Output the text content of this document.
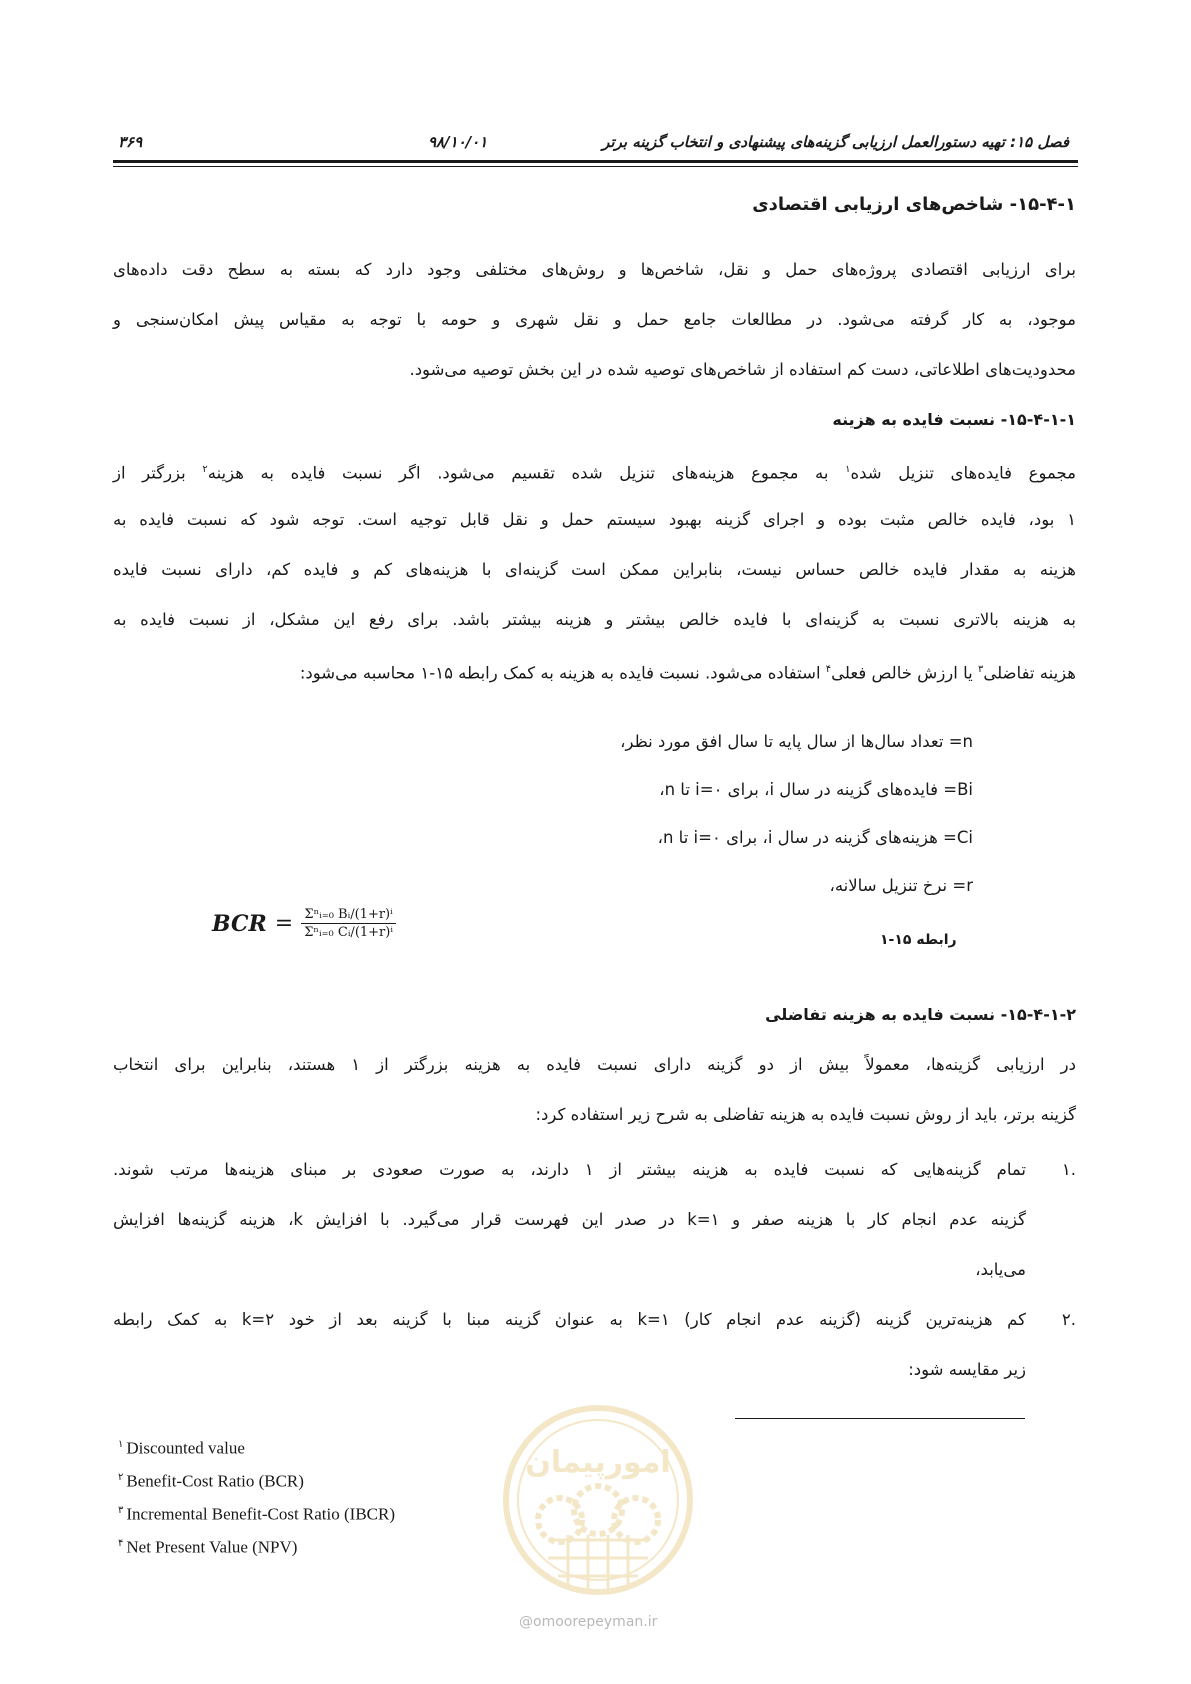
فصل ۱۵: تهیه دستورالعمل ارزیابی گزینه‌های پیشنهادی و انتخاب گزینه برتر
۹۸/۱۰/۰۱
۳۶۹
۱۵-۴-۱- شاخص‌های ارزیابی اقتصادی
برای ارزیابی اقتصادی پروژه‌های حمل و نقل، شاخص‌ها و روش‌های مختلفی وجود دارد که بسته به سطح دقت داده‌های
موجود، به کار گرفته می‌شود. در مطالعات جامع حمل و نقل شهری و حومه با توجه به مقیاس پیش امکان‌سنجی و
محدودیت‌های اطلاعاتی، دست کم استفاده از شاخص‌های توصیه شده در این بخش توصیه می‌شود.
۱۵-۴-۱-۱- نسبت فایده به هزینه
مجموع فایده‌های تنزیل شده$^۱$ به مجموع هزینه‌های تنزیل شده تقسیم می‌شود. اگر نسبت فایده به هزینه$^۲$ بزرگتر از
۱ بود، فایده خالص مثبت بوده و اجرای گزینه بهبود سیستم حمل و نقل قابل توجیه است. توجه شود که نسبت فایده به
هزینه به مقدار فایده خالص حساس نیست، بنابراین ممکن است گزینه‌ای با هزینه‌های کم و فایده کم، دارای نسبت فایده
به هزینه بالاتری نسبت به گزینه‌ای با فایده خالص بیشتر و هزینه بیشتر باشد. برای رفع این مشکل، از نسبت فایده به
هزینه تفاضلی$^۳$ یا ارزش خالص فعلی$^۴$ استفاده می‌شود. نسبت فایده به هزینه به کمک رابطه ۱۵-۱ محاسبه می‌شود:
n= تعداد سال‌ها از سال پایه تا سال افق مورد نظر،
Bi= فایده‌های گزینه در سال i، برای i=۰ تا n،
Ci= هزینه‌های گزینه در سال i، برای i=۰ تا n،
r= نرخ تنزیل سالانه،
BCR = $\frac{\text{Σⁿᵢ₌₀ Bᵢ/(1+r)ⁱ}}{\text{Σⁿᵢ₌₀ Cᵢ/(1+r)ⁱ}}$	رابطه ۱۵-۱
۱۵-۴-۱-۲- نسبت فایده به هزینه تفاضلی
در ارزیابی گزینه‌ها، معمولاً بیش از دو گزینه دارای نسبت فایده به هزینه بزرگتر از ۱ هستند، بنابراین برای انتخاب
گزینه برتر، باید از روش نسبت فایده به هزینه تفاضلی به شرح زیر استفاده کرد:
.۱
تمام گزینه‌هایی که نسبت فایده به هزینه بیشتر از ۱ دارند، به صورت صعودی بر مبنای هزینه‌ها مرتب شوند.
گزینه عدم انجام کار با هزینه صفر و k=۱ در صدر این فهرست قرار می‌گیرد. با افزایش k، هزینه گزینه‌ها افزایش
می‌یابد،
.۲
کم هزینه‌ترین گزینه (گزینه عدم انجام کار) k=۱ به عنوان گزینه مبنا با گزینه بعد از خود k=۲ به کمک رابطه
زیر مقایسه شود:
$^۱$ Discounted value
$^۲$ Benefit-Cost Ratio (BCR)
$^۳$ Incremental Benefit-Cost Ratio (IBCR)
$^۴$ Net Present Value (NPV)
امورپیمان
@omoorepeyman.ir
